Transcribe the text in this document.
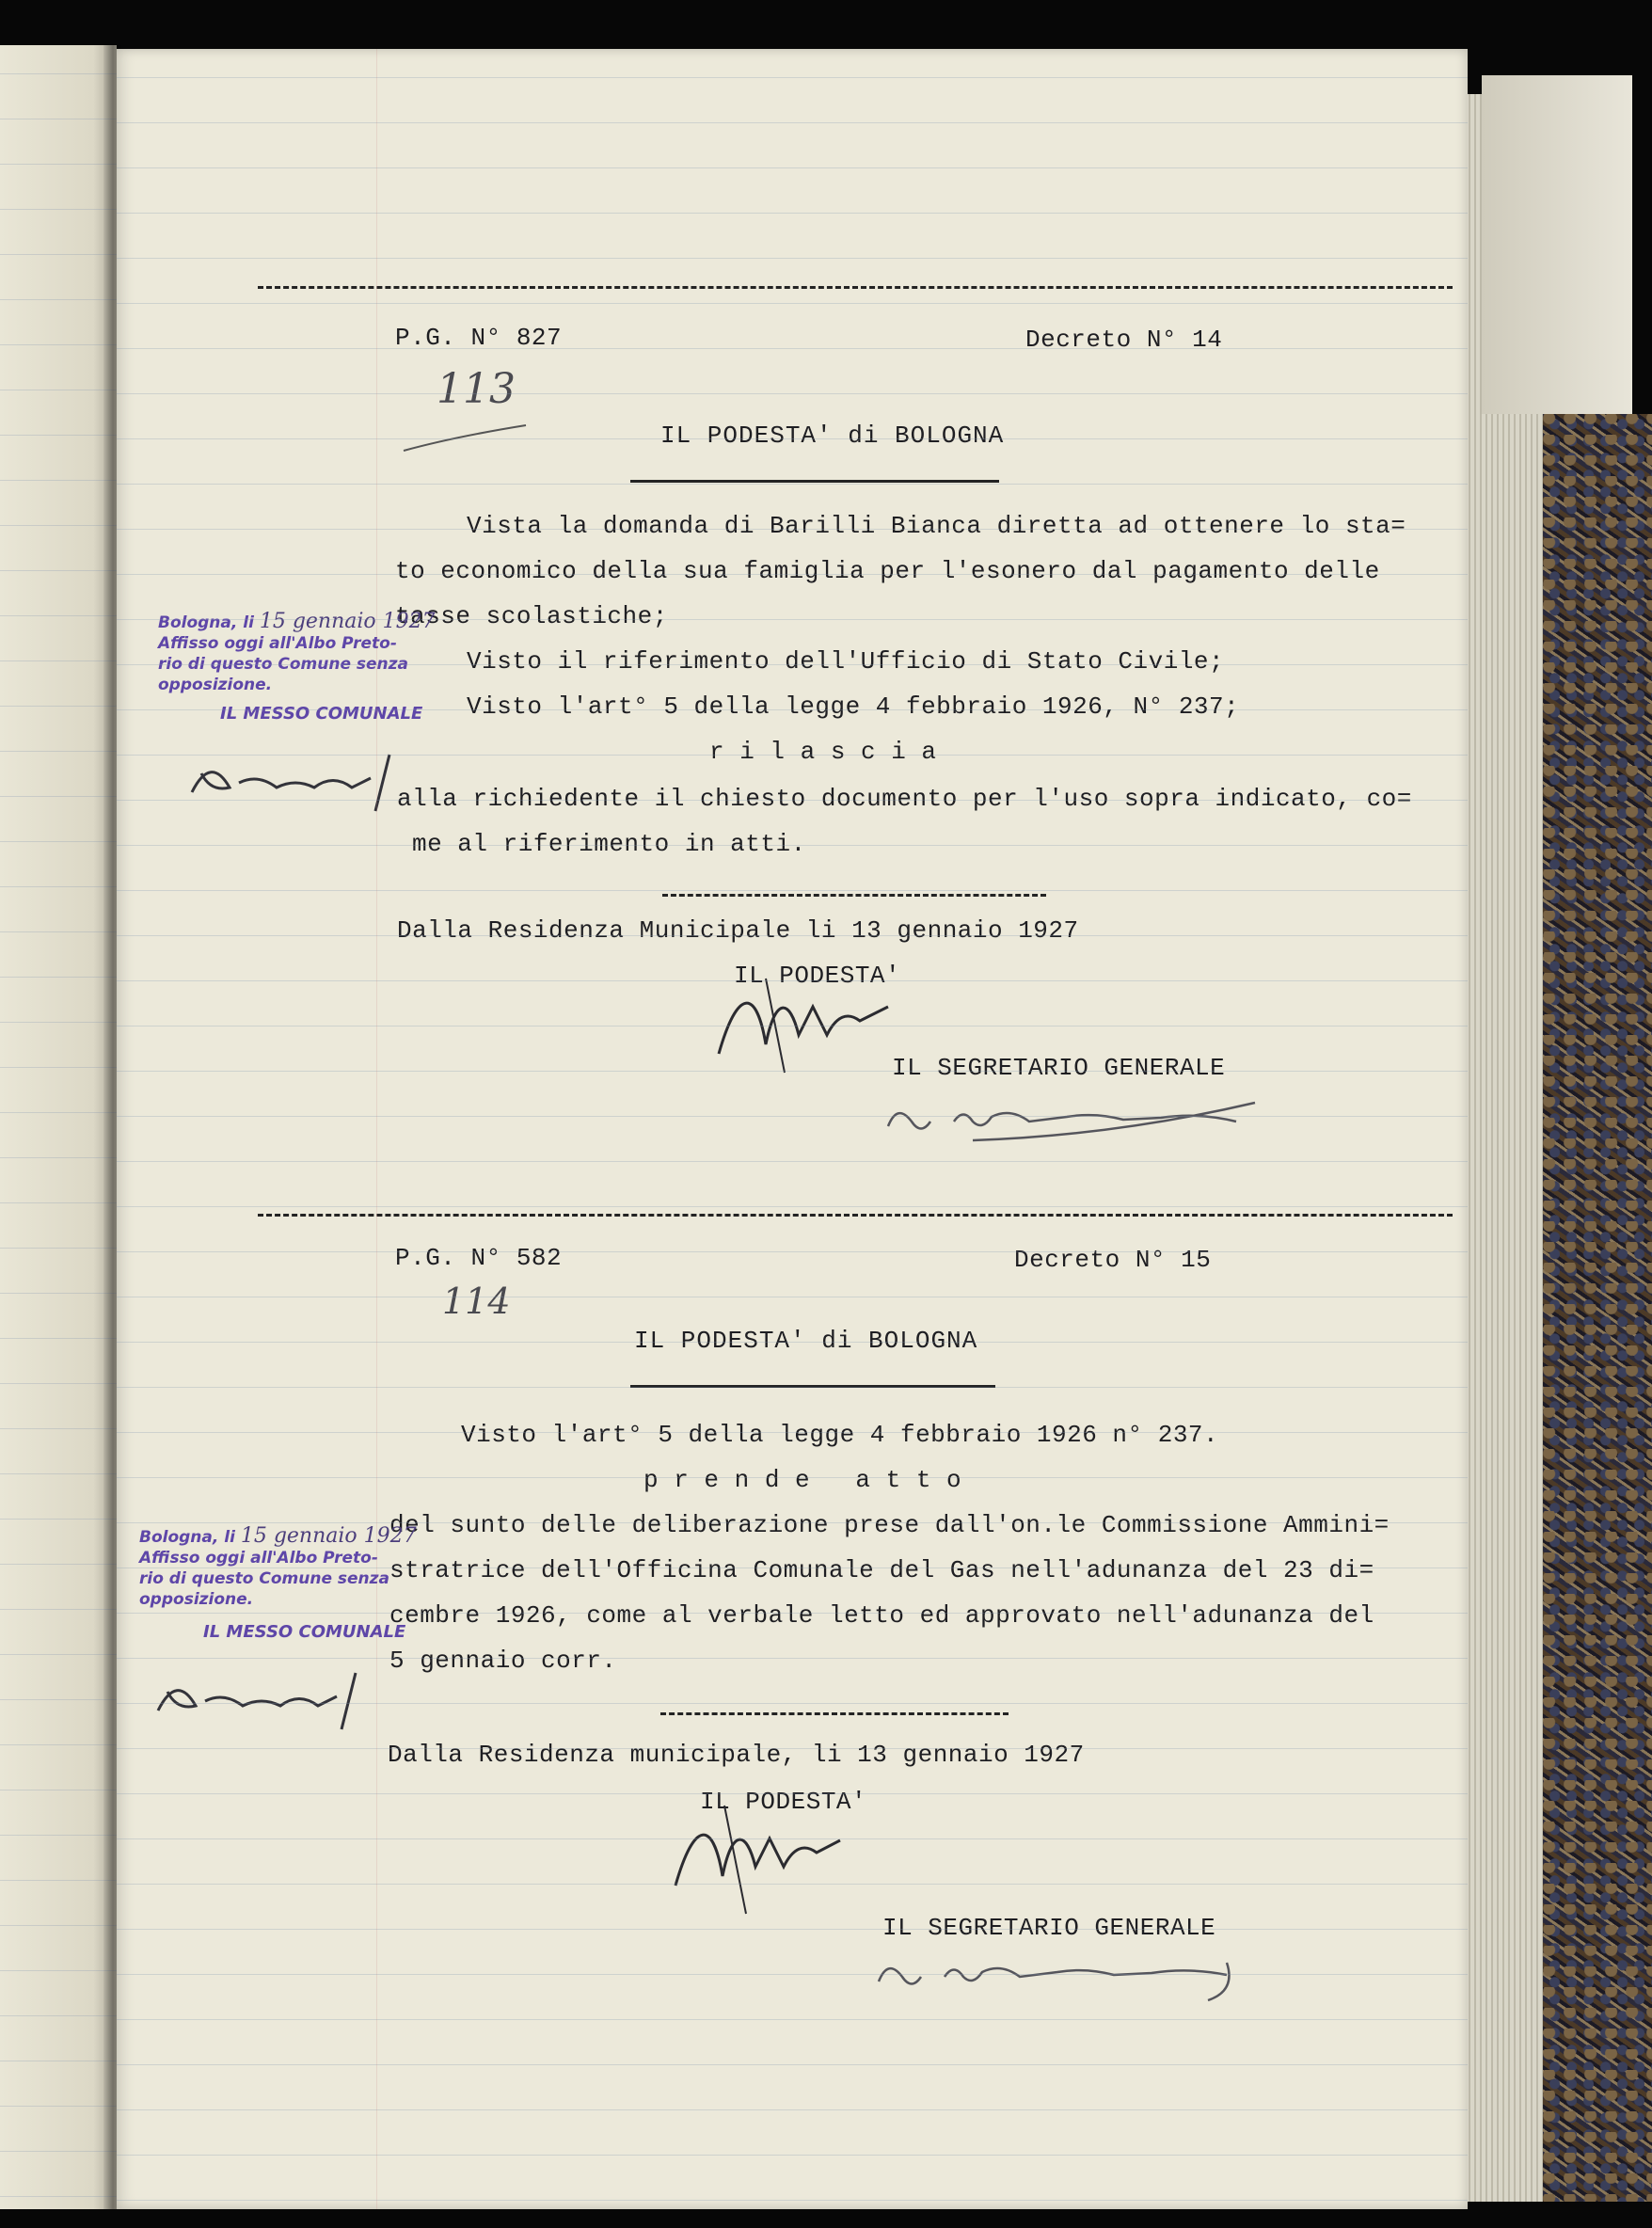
P.G. N° 827	Decreto N° 14
113
IL PODESTA' di BOLOGNA
Vista la domanda di Barilli Bianca diretta ad ottenere lo sta=
to economico della sua famiglia per l'esonero dal pagamento delle
tasse scolastiche;
Visto il riferimento dell'Ufficio di Stato Civile;
Visto l'art° 5 della legge 4 febbraio 1926, N° 237;
r i l a s c i a
alla richiedente il chiesto documento per l'uso sopra indicato, co=
me al riferimento in atti.
Dalla Residenza Municipale li 13 gennaio 1927
IL PODESTA'
IL SEGRETARIO GENERALE
Bologna, li 15 gennaio 1927
Affisso oggi all'Albo Preto-
rio di questo Comune senza
opposizione.
IL MESSO COMUNALE
P.G. N° 582	Decreto N° 15
114
IL PODESTA' di BOLOGNA
Visto l'art° 5 della legge 4 febbraio 1926 n° 237.
p r e n d e   a t t o
del sunto delle deliberazione prese dall'on.le Commissione Ammini=
stratrice dell'Officina Comunale del Gas nell'adunanza del 23 di=
cembre 1926, come al verbale letto ed approvato nell'adunanza del
5 gennaio corr.
Dalla Residenza municipale, li 13 gennaio 1927
IL PODESTA'
IL SEGRETARIO GENERALE
Bologna, li 15 gennaio 1927
Affisso oggi all'Albo Preto-
rio di questo Comune senza
opposizione.
IL MESSO COMUNALE
